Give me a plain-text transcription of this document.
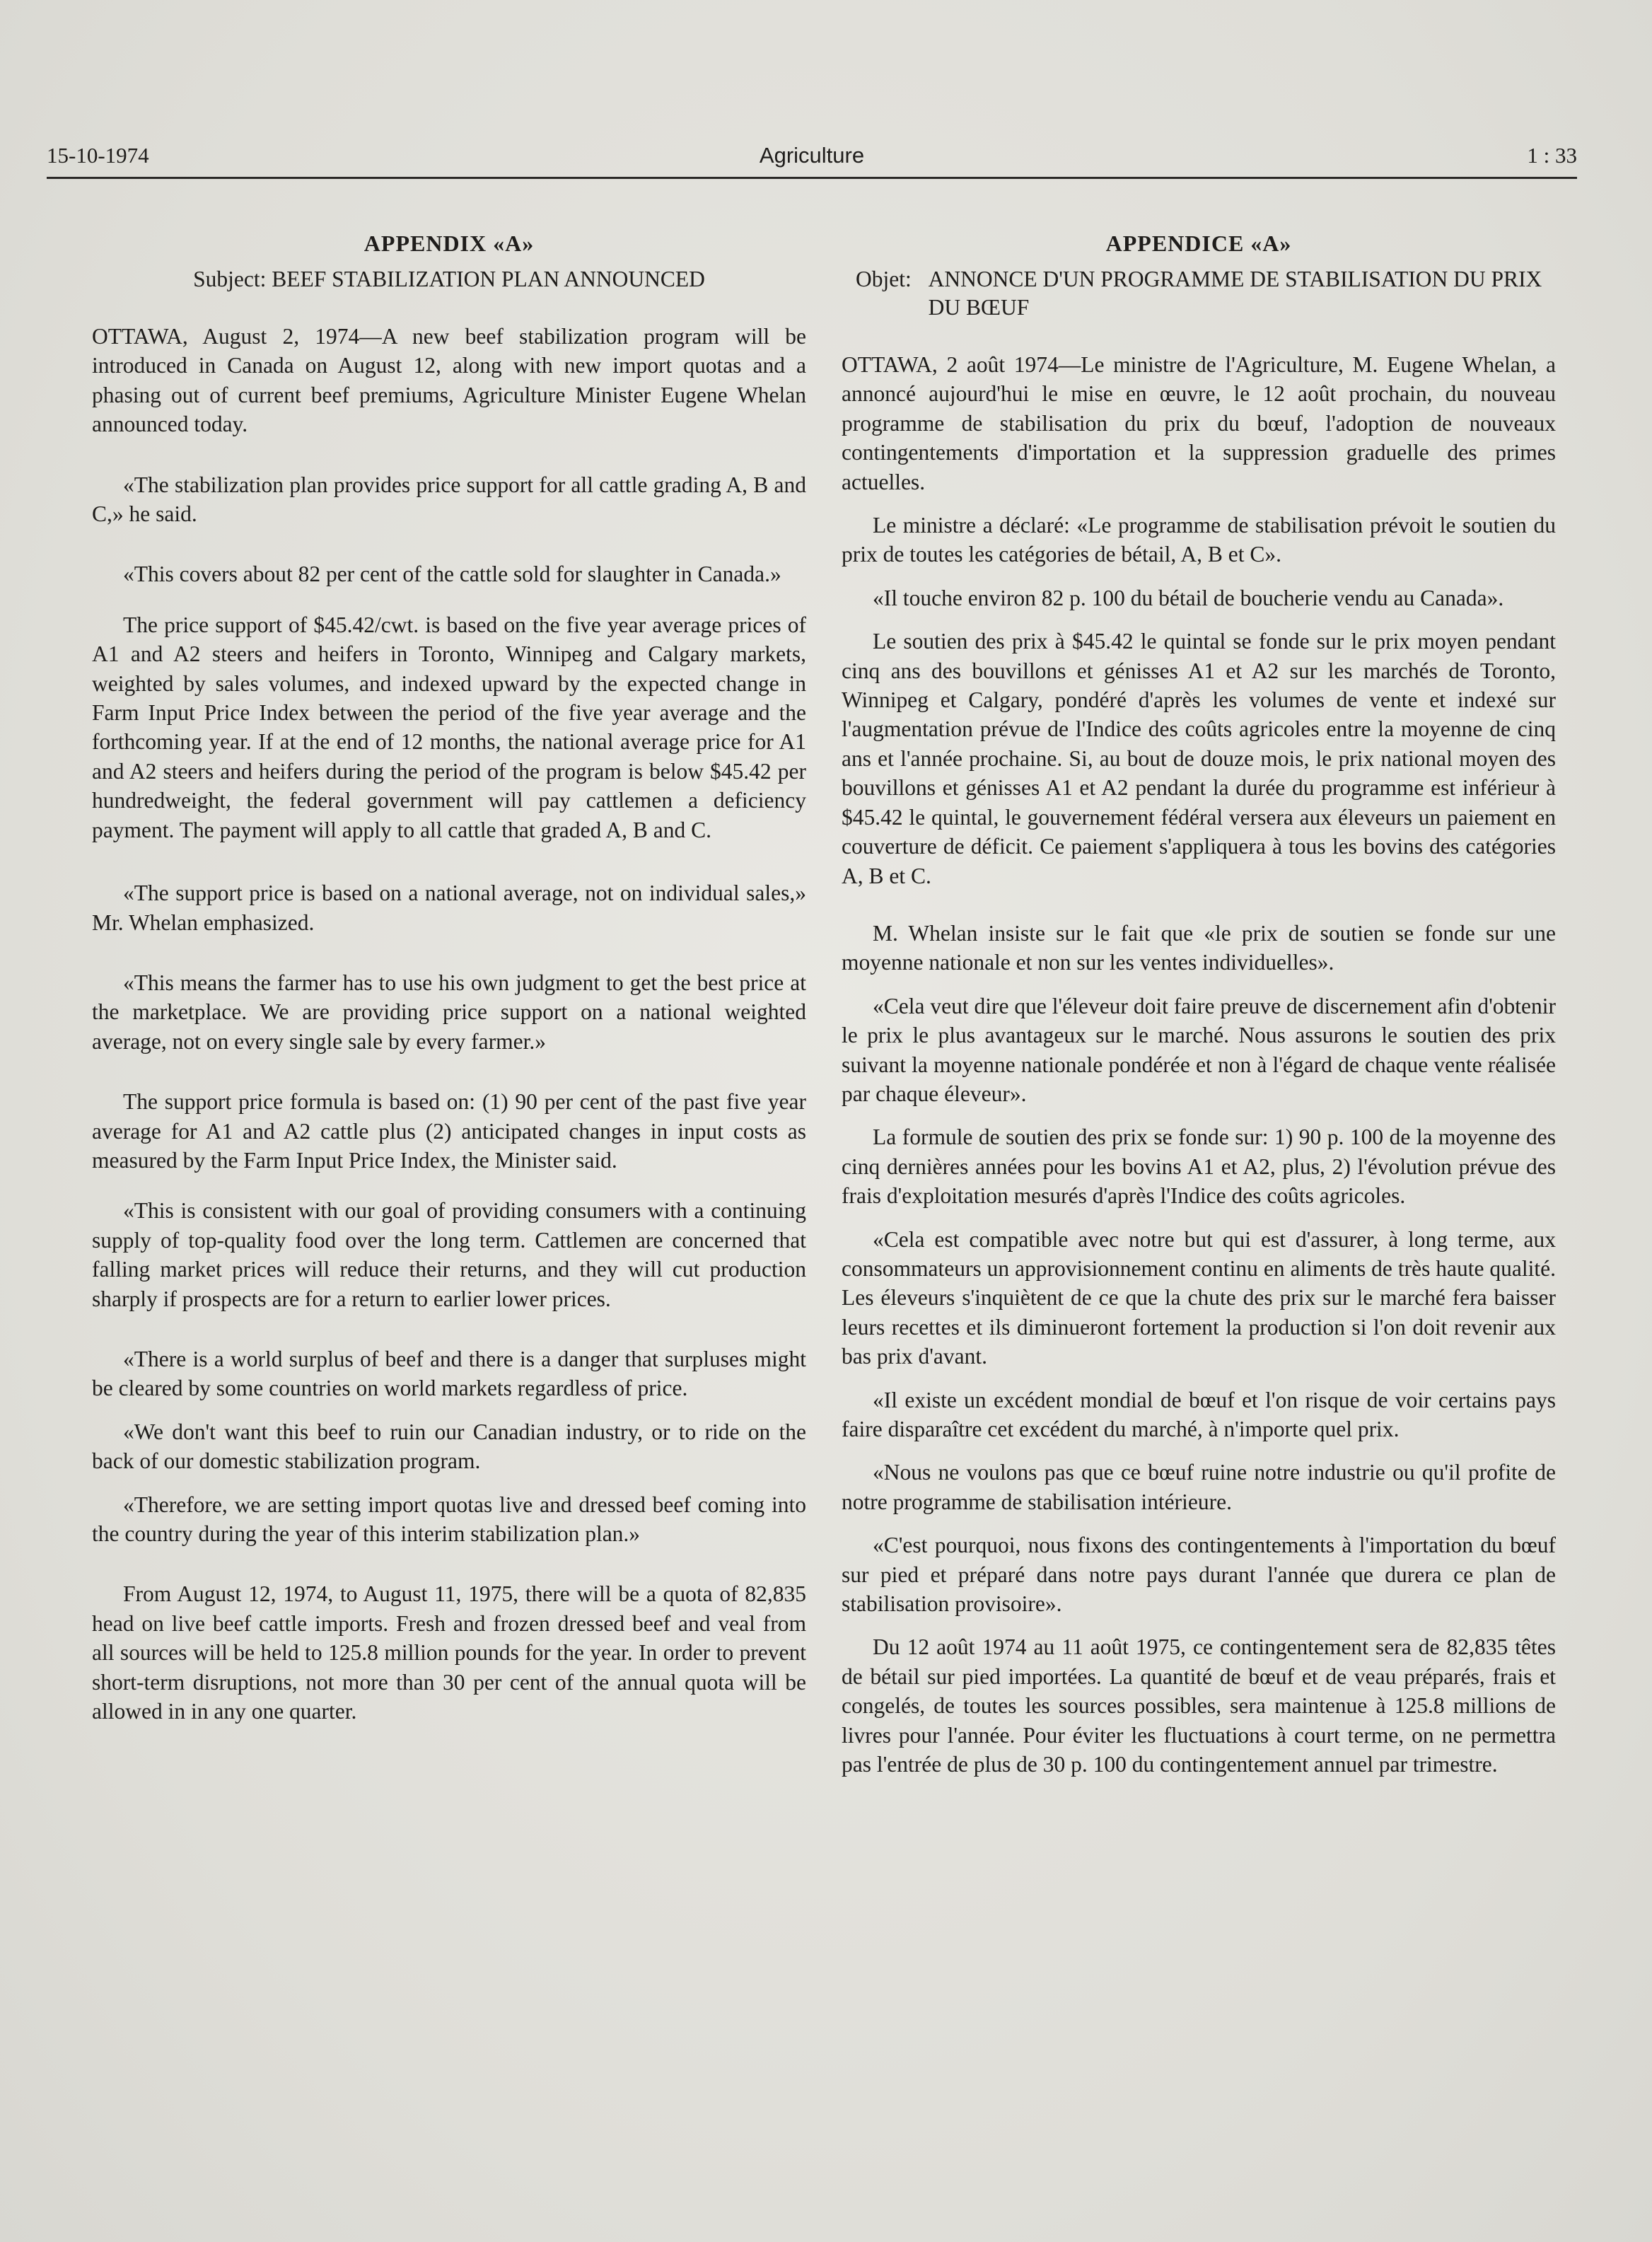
15-10-1974	Agriculture	1 : 33
APPENDIX «A»
Subject: BEEF STABILIZATION PLAN ANNOUNCED

OTTAWA, August 2, 1974—A new beef stabilization program will be introduced in Canada on August 12, along with new import quotas and a phasing out of current beef premiums, Agriculture Minister Eugene Whelan announced today.

«The stabilization plan provides price support for all cattle grading A, B and C,» he said.

«This covers about 82 per cent of the cattle sold for slaughter in Canada.»

The price support of $45.42/cwt. is based on the five year average prices of A1 and A2 steers and heifers in Toronto, Winnipeg and Calgary markets, weighted by sales volumes, and indexed upward by the expected change in Farm Input Price Index between the period of the five year average and the forthcoming year. If at the end of 12 months, the national average price for A1 and A2 steers and heifers during the period of the program is below $45.42 per hundredweight, the federal government will pay cattlemen a deficiency payment. The payment will apply to all cattle that graded A, B and C.

«The support price is based on a national average, not on individual sales,» Mr. Whelan emphasized.

«This means the farmer has to use his own judgment to get the best price at the marketplace. We are providing price support on a national weighted average, not on every single sale by every farmer.»

The support price formula is based on: (1) 90 per cent of the past five year average for A1 and A2 cattle plus (2) anticipated changes in input costs as measured by the Farm Input Price Index, the Minister said.

«This is consistent with our goal of providing consumers with a continuing supply of top-quality food over the long term. Cattlemen are concerned that falling market prices will reduce their returns, and they will cut production sharply if prospects are for a return to earlier lower prices.

«There is a world surplus of beef and there is a danger that surpluses might be cleared by some countries on world markets regardless of price.

«We don't want this beef to ruin our Canadian industry, or to ride on the back of our domestic stabilization program.

«Therefore, we are setting import quotas live and dressed beef coming into the country during the year of this interim stabilization plan.»

From August 12, 1974, to August 11, 1975, there will be a quota of 82,835 head on live beef cattle imports. Fresh and frozen dressed beef and veal from all sources will be held to 125.8 million pounds for the year. In order to prevent short-term disruptions, not more than 30 per cent of the annual quota will be allowed in in any one quarter.

APPENDICE «A»
Objet: ANNONCE D'UN PROGRAMME DE STABILISATION DU PRIX DU BŒUF

OTTAWA, 2 août 1974—Le ministre de l'Agriculture, M. Eugene Whelan, a annoncé aujourd'hui le mise en œuvre, le 12 août prochain, du nouveau programme de stabilisation du prix du bœuf, l'adoption de nouveaux contingentements d'importation et la suppression graduelle des primes actuelles.

Le ministre a déclaré: «Le programme de stabilisation prévoit le soutien du prix de toutes les catégories de bétail, A, B et C».

«Il touche environ 82 p. 100 du bétail de boucherie vendu au Canada».

Le soutien des prix à $45.42 le quintal se fonde sur le prix moyen pendant cinq ans des bouvillons et génisses A1 et A2 sur les marchés de Toronto, Winnipeg et Calgary, pondéré d'après les volumes de vente et indexé sur l'augmentation prévue de l'Indice des coûts agricoles entre la moyenne de cinq ans et l'année prochaine. Si, au bout de douze mois, le prix national moyen des bouvillons et génisses A1 et A2 pendant la durée du programme est inférieur à $45.42 le quintal, le gouvernement fédéral versera aux éleveurs un paiement en couverture de déficit. Ce paiement s'appliquera à tous les bovins des catégories A, B et C.

M. Whelan insiste sur le fait que «le prix de soutien se fonde sur une moyenne nationale et non sur les ventes individuelles».

«Cela veut dire que l'éleveur doit faire preuve de discernement afin d'obtenir le prix le plus avantageux sur le marché. Nous assurons le soutien des prix suivant la moyenne nationale pondérée et non à l'égard de chaque vente réalisée par chaque éleveur».

La formule de soutien des prix se fonde sur: 1) 90 p. 100 de la moyenne des cinq dernières années pour les bovins A1 et A2, plus, 2) l'évolution prévue des frais d'exploitation mesurés d'après l'Indice des coûts agricoles.

«Cela est compatible avec notre but qui est d'assurer, à long terme, aux consommateurs un approvisionnement continu en aliments de très haute qualité. Les éleveurs s'inquiètent de ce que la chute des prix sur le marché fera baisser leurs recettes et ils diminueront fortement la production si l'on doit revenir aux bas prix d'avant.

«Il existe un excédent mondial de bœuf et l'on risque de voir certains pays faire disparaître cet excédent du marché, à n'importe quel prix.

«Nous ne voulons pas que ce bœuf ruine notre industrie ou qu'il profite de notre programme de stabilisation intérieure.

«C'est pourquoi, nous fixons des contingentements à l'importation du bœuf sur pied et préparé dans notre pays durant l'année que durera ce plan de stabilisation provisoire».

Du 12 août 1974 au 11 août 1975, ce contingentement sera de 82,835 têtes de bétail sur pied importées. La quantité de bœuf et de veau préparés, frais et congelés, de toutes les sources possibles, sera maintenue à 125.8 millions de livres pour l'année. Pour éviter les fluctuations à court terme, on ne permettra pas l'entrée de plus de 30 p. 100 du contingentement annuel par trimestre.
